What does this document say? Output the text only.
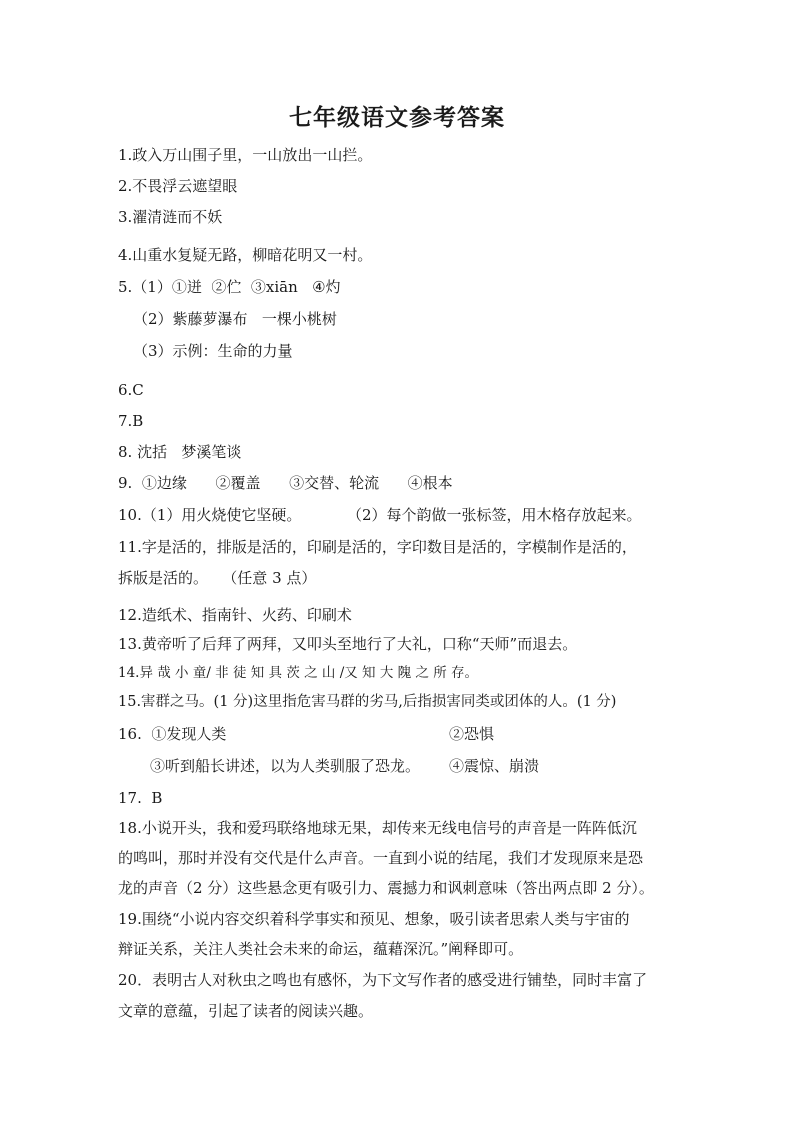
七年级语文参考答案
1.政入万山围子里，一山放出一山拦。
2.不畏浮云遮望眼
3.濯清涟而不妖
4.山重水复疑无路，柳暗花明又一村。
5.（1）①迸  ②伫  ③xiān   ④灼
（2）紫藤萝瀑布   一棵小桃树
（3）示例：生命的力量
6.C
7.B
8. 沈括   梦溪笔谈
9.  ①边缘      ②覆盖      ③交替、轮流      ④根本
10.（1）用火烧使它坚硬。	（2）每个韵做一张标签，用木格存放起来。
11.字是活的，排版是活的，印刷是活的，字印数目是活的，字模制作是活的，
拆版是活的。   （任意 3 点）
12.造纸术、指南针、火药、印刷术
13.黄帝听了后拜了两拜，又叩头至地行了大礼，口称“天师”而退去。
14.异 哉 小 童/ 非 徒 知 具 茨 之 山 /又 知 大 隗 之 所 存。
15.害群之马。(1 分)这里指危害马群的劣马,后指损害同类或团体的人。(1 分)
16.  ①发现人类	②恐惧
③听到船长讲述，以为人类驯服了恐龙。 ④震惊、崩溃
17.  B
18.小说开头，我和爱玛联络地球无果，却传来无线电信号的声音是一阵阵低沉
的鸣叫，那时并没有交代是什么声音。一直到小说的结尾，我们才发现原来是恐
龙的声音（2 分）这些悬念更有吸引力、震撼力和讽刺意味（答出两点即 2 分）。
19.围绕“小说内容交织着科学事实和预见、想象，吸引读者思索人类与宇宙的
辩证关系，关注人类社会未来的命运，蕴藉深沉。”阐释即可。
20．表明古人对秋虫之鸣也有感怀，为下文写作者的感受进行铺垫，同时丰富了
文章的意蕴，引起了读者的阅读兴趣。
